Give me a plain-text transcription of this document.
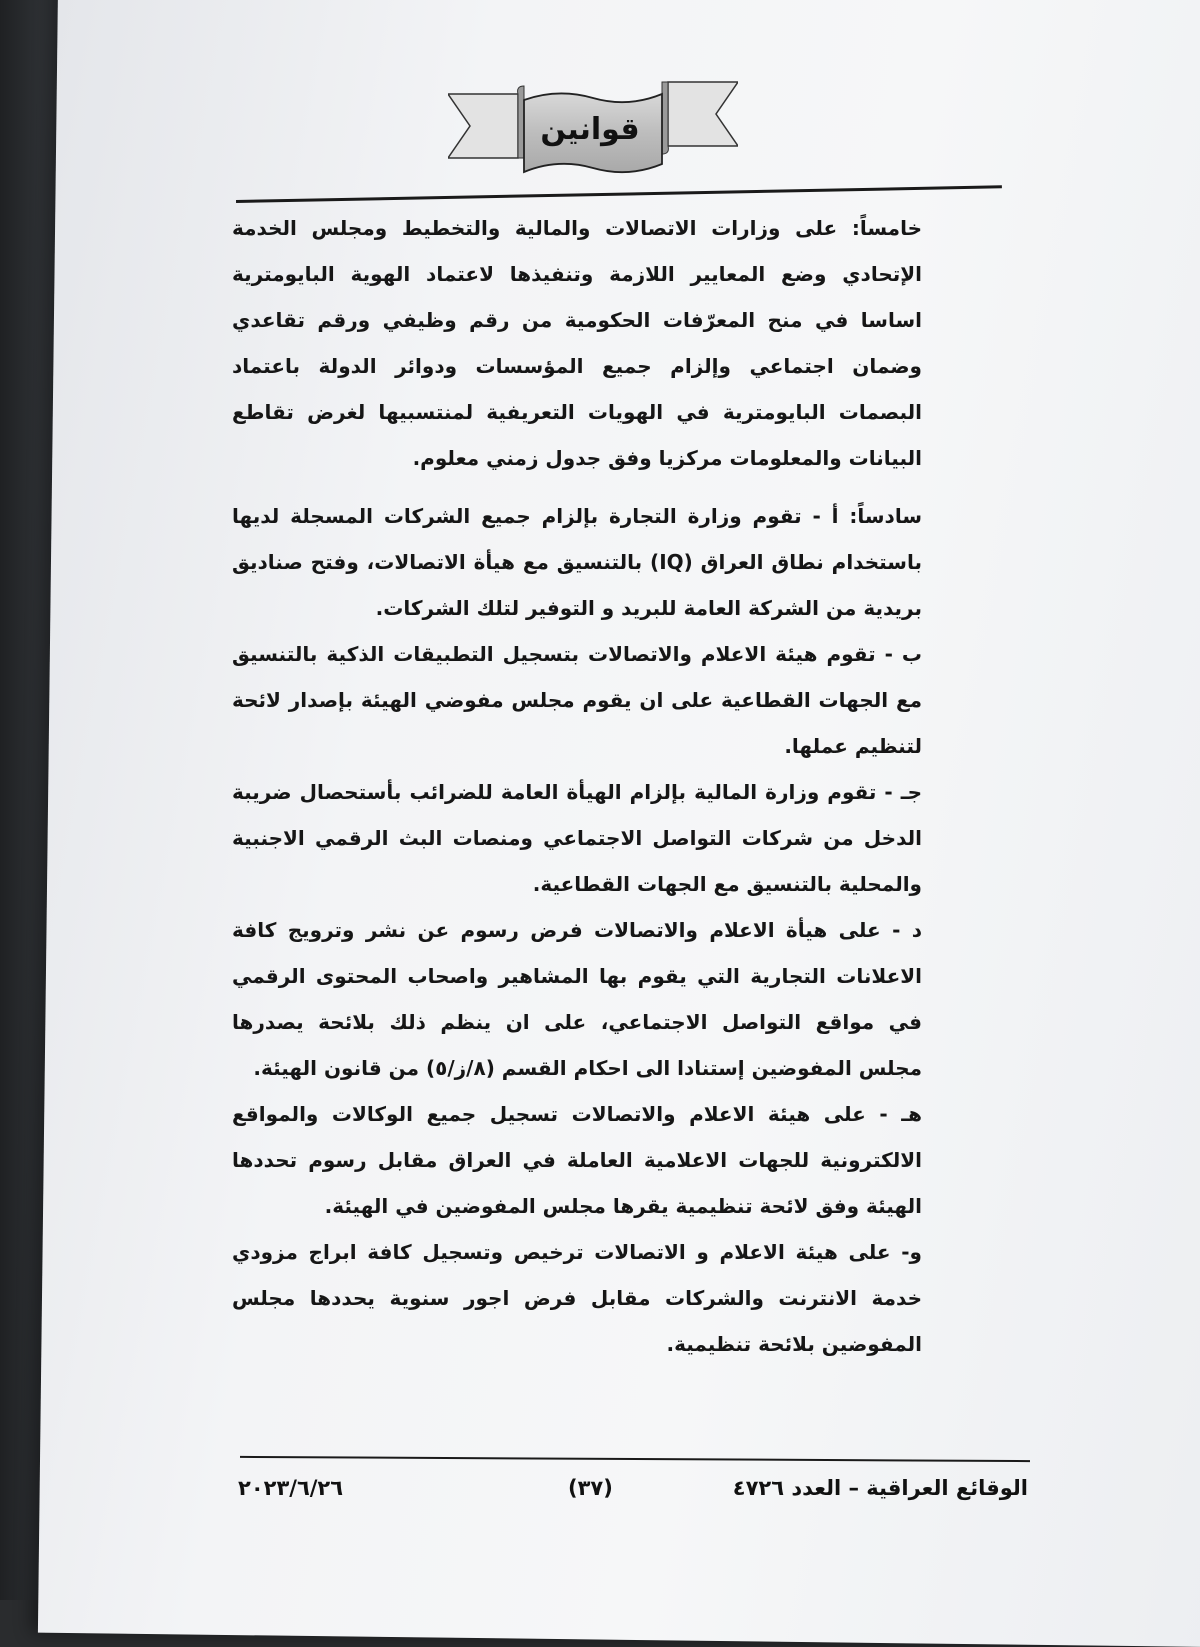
قوانين

خامساً: على وزارات الاتصالات والمالية والتخطيط ومجلس الخدمة الإتحادي وضع المعايير اللازمة وتنفيذها لاعتماد الهوية البايومترية اساسا في منح المعرّفات الحكومية من رقم وظيفي ورقم تقاعدي وضمان اجتماعي وإلزام جميع المؤسسات ودوائر الدولة باعتماد البصمات البايومترية في الهويات التعريفية لمنتسبيها لغرض تقاطع البيانات والمعلومات مركزيا وفق جدول زمني معلوم.

سادساً: أ - تقوم وزارة التجارة بإلزام جميع الشركات المسجلة لديها باستخدام نطاق العراق (IQ) بالتنسيق مع هيأة الاتصالات، وفتح صناديق بريدية من الشركة العامة للبريد و التوفير لتلك الشركات.

ب - تقوم هيئة الاعلام والاتصالات بتسجيل التطبيقات الذكية بالتنسيق مع الجهات القطاعية على ان يقوم مجلس مفوضي الهيئة بإصدار لائحة لتنظيم عملها.

جـ - تقوم وزارة المالية بإلزام الهيأة العامة للضرائب بأستحصال ضريبة الدخل من شركات التواصل الاجتماعي ومنصات البث الرقمي الاجنبية والمحلية بالتنسيق مع الجهات القطاعية.

د - على هيأة الاعلام والاتصالات فرض رسوم عن نشر وترويج كافة الاعلانات التجارية التي يقوم بها المشاهير واصحاب المحتوى الرقمي في مواقع التواصل الاجتماعي، على ان ينظم ذلك بلائحة يصدرها مجلس المفوضين إستنادا الى احكام القسم (٨/ز/٥) من قانون الهيئة.

هـ - على هيئة الاعلام والاتصالات تسجيل جميع الوكالات والمواقع الالكترونية للجهات الاعلامية العاملة في العراق مقابل رسوم تحددها الهيئة وفق لائحة تنظيمية يقرها مجلس المفوضين في الهيئة.

و- على هيئة الاعلام و الاتصالات ترخيص وتسجيل كافة ابراج مزودي خدمة الانترنت والشركات مقابل فرض اجور سنوية يحددها مجلس المفوضين بلائحة تنظيمية.

الوقائع العراقية – العدد ٤٧٢٦
(٣٧)
٢٠٢٣/٦/٢٦
